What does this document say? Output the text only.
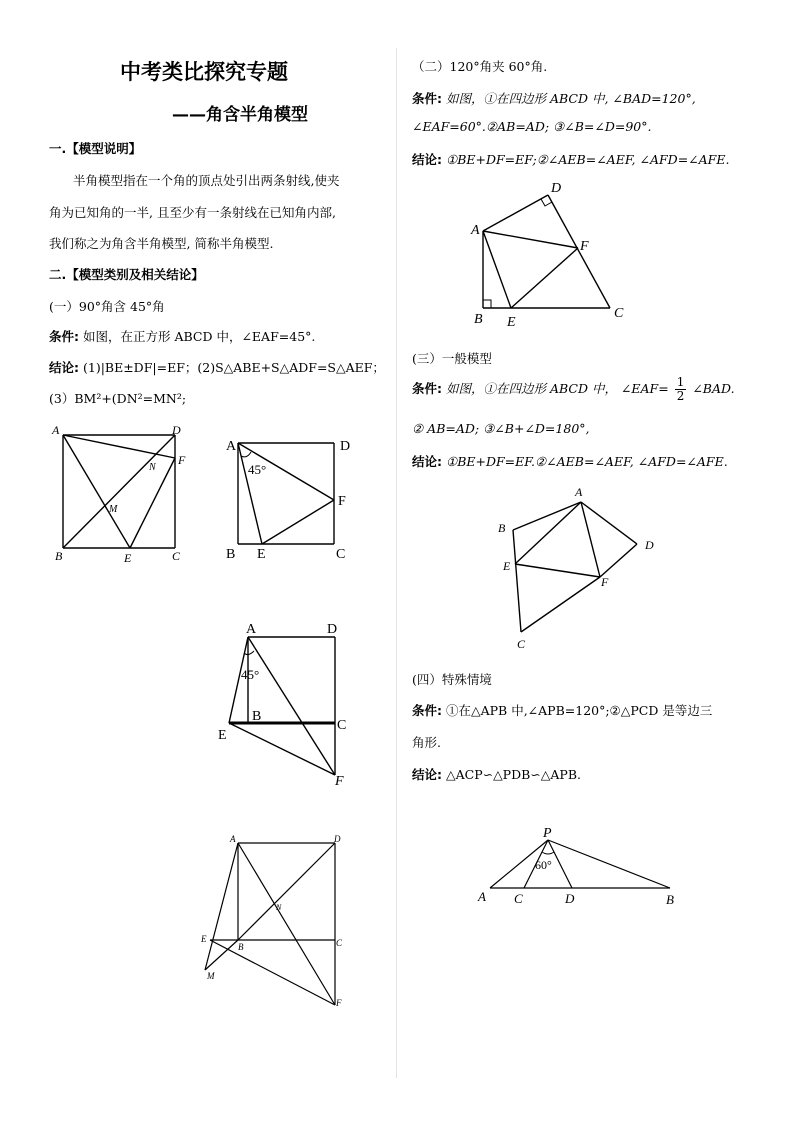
中考类比探究专题
——角含半角模型
一.【模型说明】
半角模型指在一个角的顶点处引出两条射线,使夹
角为已知角的一半, 且至少有一条射线在已知角内部,
我们称之为角含半角模型, 简称半角模型.
二.【模型类别及相关结论】
(一）90°角含 45°角
条件: 如图，在正方形 ABCD 中，∠EAF=45°.
结论: (1)|BE±DF|=EF；(2)S△ABE+S△ADF=S△AEF；
(3）BM²+(DN²=MN²;
A	D
B	C
E
F
M
N
A	D
B	C
E
F
45°
A	D
B
C
E
F
45°
A	D
E
B	C
F
N
M
（二）120°角夹 60°角.
条件: 如图，①在四边形 ABCD 中, ∠BAD=120°,
∠EAF=60°.②AB=AD; ③∠B=∠D=90°.
结论: ①BE+DF=EF;②∠AEB=∠AEF, ∠AFD=∠AFE.
D
A
F
B E
C
(三）一般模型
条件: 如图，①在四边形 ABCD 中， ∠EAF= $\frac{1}{2}$ ∠BAD.
② AB=AD; ③∠B+∠D=180°,
结论: ①BE+DF=EF.②∠AEB=∠AEF, ∠AFD=∠AFE.
A
D
B
E
F
C
(四）特殊情境
条件: ①在△APB 中,∠APB=120°;②△PCD 是等边三
角形.
结论: △ACP∽△PDB∽△APB.
P
60°
A C	D	B
